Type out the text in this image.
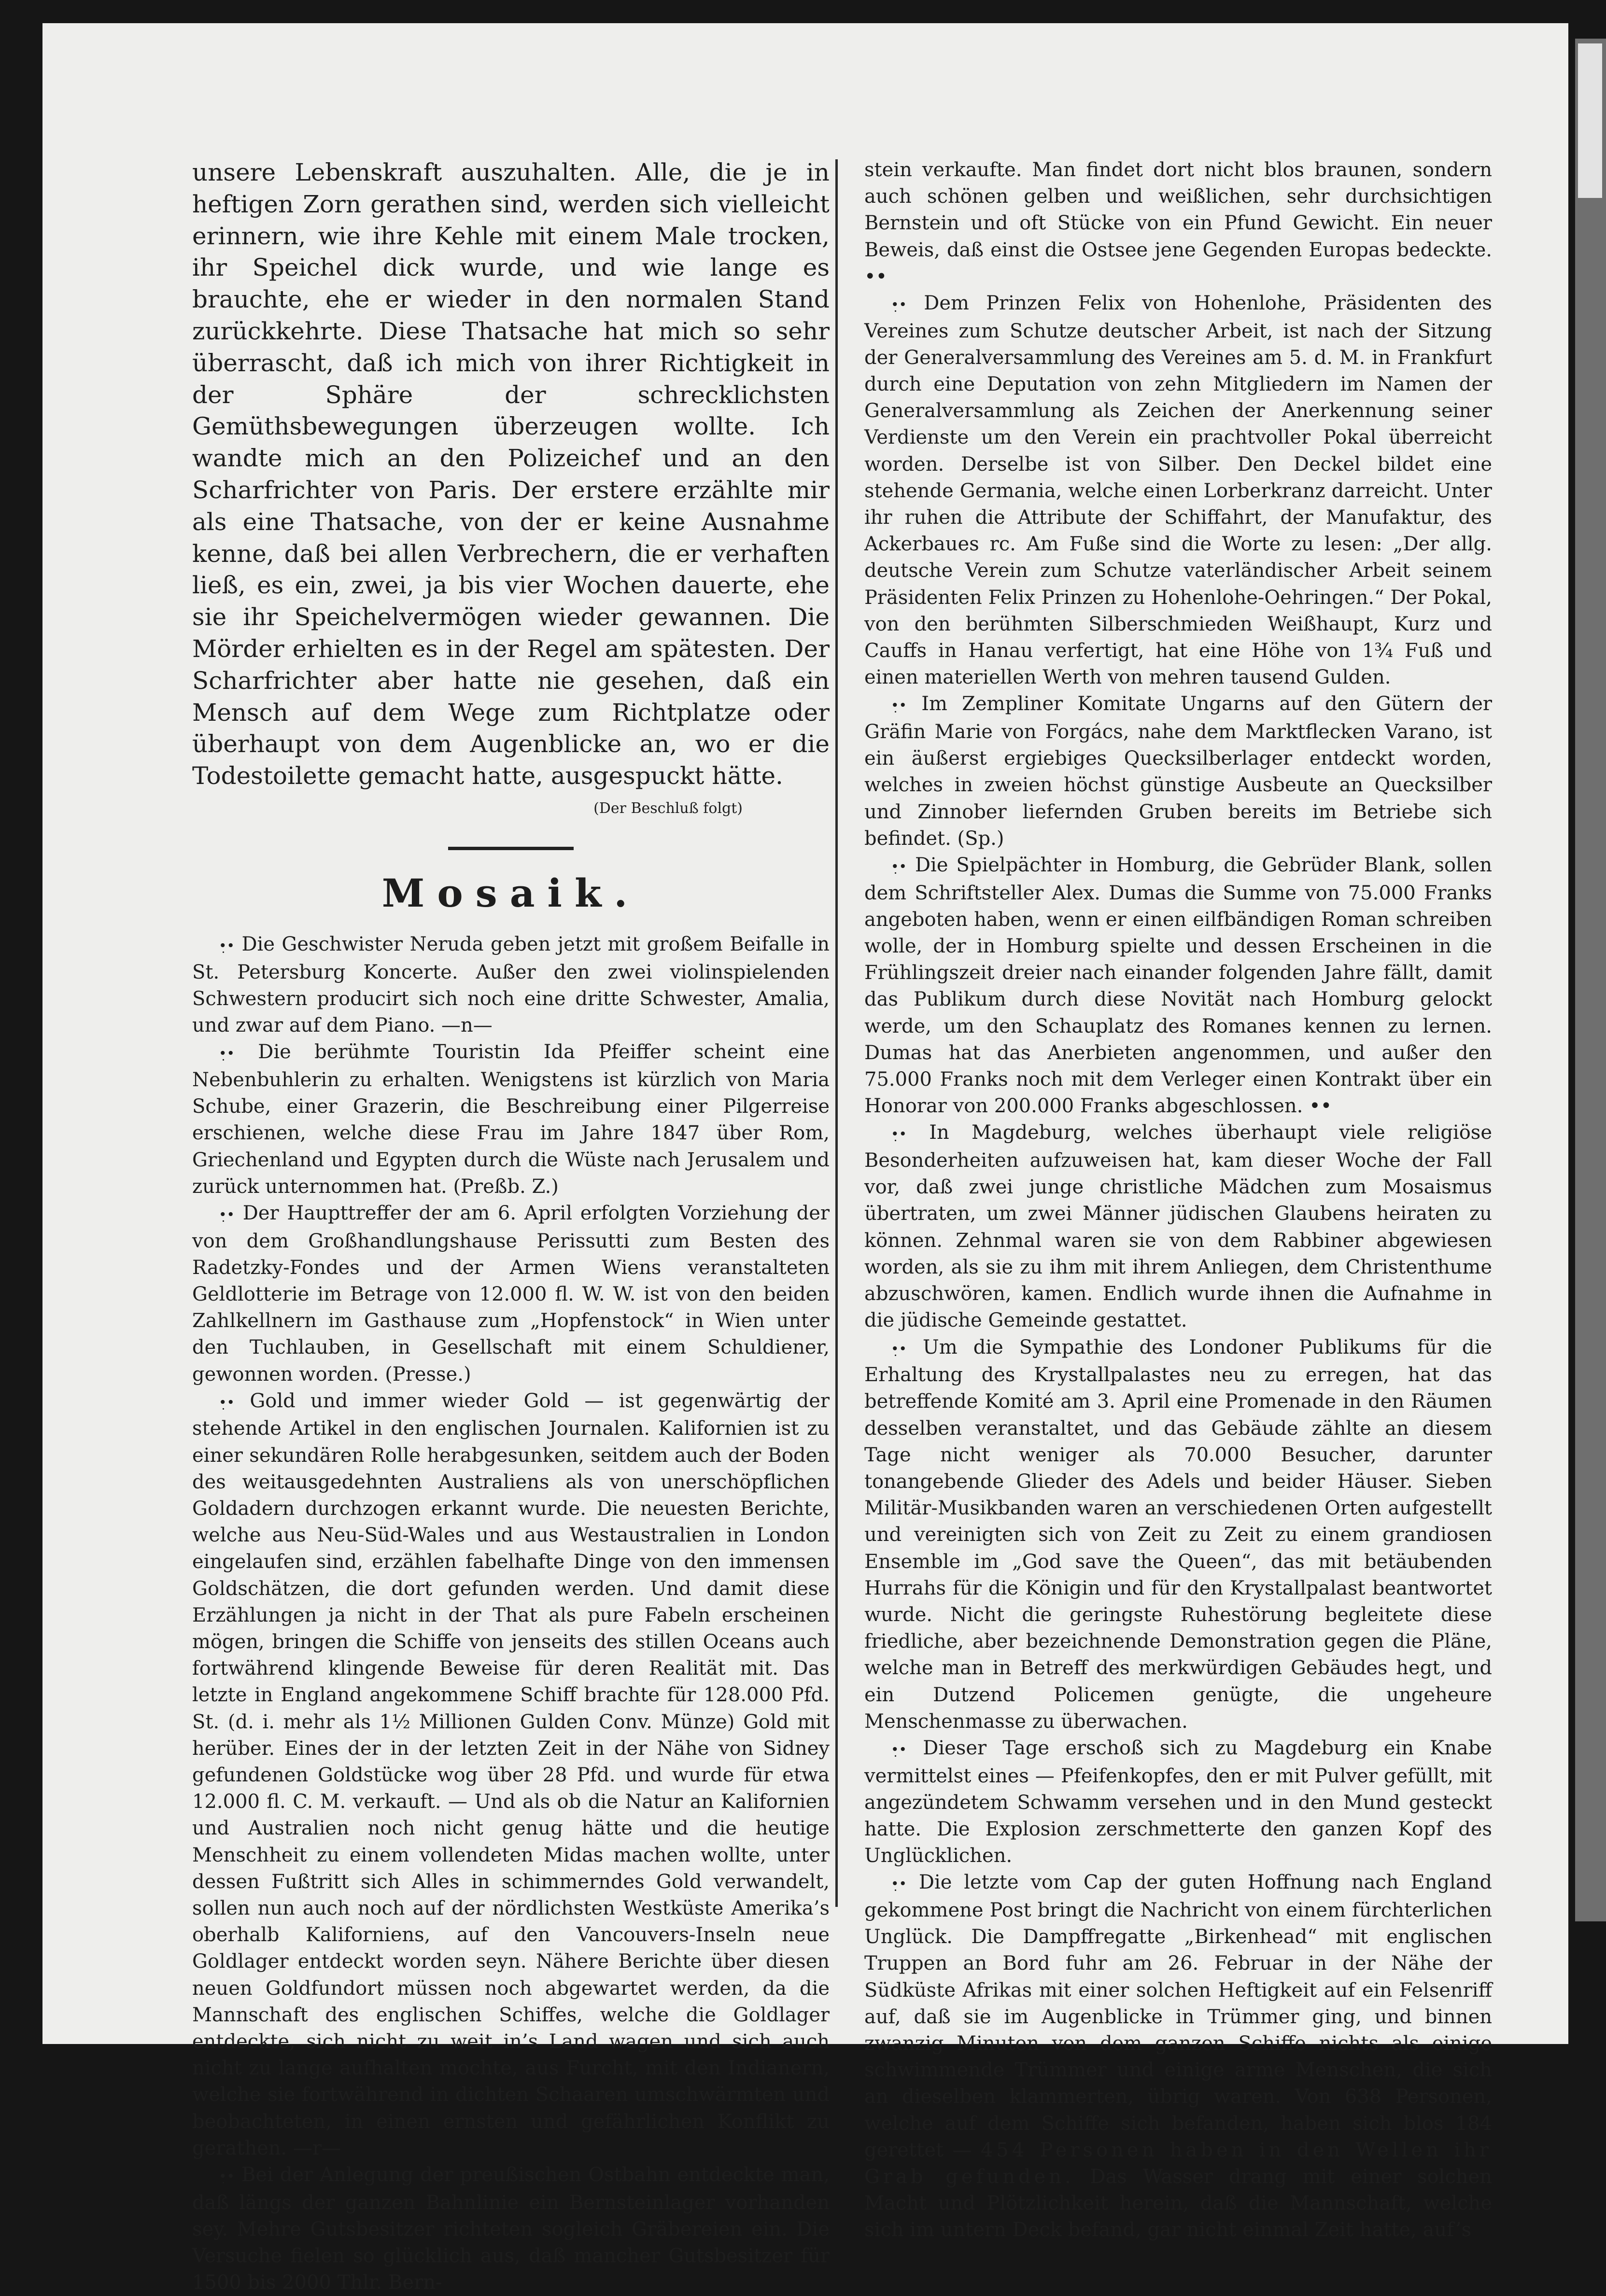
unsere Lebenskraft auszuhalten. Alle, die je in heftigen Zorn gerathen sind, werden sich vielleicht erinnern, wie ihre Kehle mit einem Male trocken, ihr Speichel dick wurde, und wie lange es brauchte, ehe er wieder in den normalen Stand zurückkehrte. Diese Thatsache hat mich so sehr überrascht, daß ich mich von ihrer Richtigkeit in der Sphäre der schrecklichsten Gemüthsbewegungen überzeugen wollte. Ich wandte mich an den Polizeichef und an den Scharfrichter von Paris. Der erstere erzählte mir als eine Thatsache, von der er keine Ausnahme kenne, daß bei allen Verbrechern, die er verhaften ließ, es ein, zwei, ja bis vier Wochen dauerte, ehe sie ihr Speichelvermögen wieder gewannen. Die Mörder erhielten es in der Regel am spätesten. Der Scharfrichter aber hatte nie gesehen, daß ein Mensch auf dem Wege zum Richtplatze oder überhaupt von dem Augenblicke an, wo er die Todestoilette gemacht hatte, ausgespuckt hätte.

(Der Beschluß folgt)
Mosaik.

•̣• Die Geschwister Neruda geben jetzt mit großem Beifalle in St. Petersburg Koncerte. Außer den zwei violinspielenden Schwestern producirt sich noch eine dritte Schwester, Amalia, und zwar auf dem Piano. —n—

•̣• Die berühmte Touristin Ida Pfeiffer scheint eine Nebenbuhlerin zu erhalten. Wenigstens ist kürzlich von Maria Schube, einer Grazerin, die Beschreibung einer Pilgerreise erschienen, welche diese Frau im Jahre 1847 über Rom, Griechenland und Egypten durch die Wüste nach Jerusalem und zurück unternommen hat. (Preßb. Z.)

•̣• Der Haupttreffer der am 6. April erfolgten Vorziehung der von dem Großhandlungshause Perissutti zum Besten des Radetzky-Fondes und der Armen Wiens veranstalteten Geldlotterie im Betrage von 12.000 fl. W. W. ist von den beiden Zahlkellnern im Gasthause zum „Hopfenstock“ in Wien unter den Tuchlauben, in Gesellschaft mit einem Schuldiener, gewonnen worden. (Presse.)

•̣• Gold und immer wieder Gold — ist gegenwärtig der stehende Artikel in den englischen Journalen. Kalifornien ist zu einer sekundären Rolle herabgesunken, seitdem auch der Boden des weitausgedehnten Australiens als von unerschöpflichen Goldadern durchzogen erkannt wurde. Die neuesten Berichte, welche aus Neu-Süd-Wales und aus Westaustralien in London eingelaufen sind, erzählen fabelhafte Dinge von den immensen Goldschätzen, die dort gefunden werden. Und damit diese Erzählungen ja nicht in der That als pure Fabeln erscheinen mögen, bringen die Schiffe von jenseits des stillen Oceans auch fortwährend klingende Beweise für deren Realität mit. Das letzte in England angekommene Schiff brachte für 128.000 Pfd. St. (d. i. mehr als 1½ Millionen Gulden Conv. Münze) Gold mit herüber. Eines der in der letzten Zeit in der Nähe von Sidney gefundenen Goldstücke wog über 28 Pfd. und wurde für etwa 12.000 fl. C. M. verkauft. — Und als ob die Natur an Kalifornien und Australien noch nicht genug hätte und die heutige Menschheit zu einem vollendeten Midas machen wollte, unter dessen Fußtritt sich Alles in schimmerndes Gold verwandelt, sollen nun auch noch auf der nördlichsten Westküste Amerika’s oberhalb Kaliforniens, auf den Vancouvers-Inseln neue Goldlager entdeckt worden seyn. Nähere Berichte über diesen neuen Goldfundort müssen noch abgewartet werden, da die Mannschaft des englischen Schiffes, welche die Goldlager entdeckte, sich nicht zu weit in’s Land wagen und sich auch nicht zu lange aufhalten mochte, aus Furcht, mit den Indianern, welche sie fortwährend in dichten Schaaren umschwärmten und beobachteten, in einen ernsten und gefährlichen Konflikt zu gerathen. —r—

•̣• Bei der Anlegung der preußischen Ostbahn entdeckte man, daß längs der ganzen Bahnlinie ein Bernsteinlager vorhanden sey. Mehre Gutsbesitzer richteten sogleich Gräbereien ein. Die Versuche fielen so glücklich aus, daß mancher Gutsbesitzer für 1500 bis 2000 Thlr. Bern-

stein verkaufte. Man findet dort nicht blos braunen, sondern auch schönen gelben und weißlichen, sehr durchsichtigen Bernstein und oft Stücke von ein Pfund Gewicht. Ein neuer Beweis, daß einst die Ostsee jene Gegenden Europas bedeckte. ••

•̣• Dem Prinzen Felix von Hohenlohe, Präsidenten des Vereines zum Schutze deutscher Arbeit, ist nach der Sitzung der Generalversammlung des Vereines am 5. d. M. in Frankfurt durch eine Deputation von zehn Mitgliedern im Namen der Generalversammlung als Zeichen der Anerkennung seiner Verdienste um den Verein ein prachtvoller Pokal überreicht worden. Derselbe ist von Silber. Den Deckel bildet eine stehende Germania, welche einen Lorberkranz darreicht. Unter ihr ruhen die Attribute der Schiffahrt, der Manufaktur, des Ackerbaues rc. Am Fuße sind die Worte zu lesen: „Der allg. deutsche Verein zum Schutze vaterländischer Arbeit seinem Präsidenten Felix Prinzen zu Hohenlohe-Oehringen.“ Der Pokal, von den berühmten Silberschmieden Weißhaupt, Kurz und Cauffs in Hanau verfertigt, hat eine Höhe von 1¾ Fuß und einen materiellen Werth von mehren tausend Gulden.

•̣• Im Zempliner Komitate Ungarns auf den Gütern der Gräfin Marie von Forgács, nahe dem Marktflecken Varano, ist ein äußerst ergiebiges Quecksilberlager entdeckt worden, welches in zweien höchst günstige Ausbeute an Quecksilber und Zinnober liefernden Gruben bereits im Betriebe sich befindet. (Sp.)

•̣• Die Spielpächter in Homburg, die Gebrüder Blank, sollen dem Schriftsteller Alex. Dumas die Summe von 75.000 Franks angeboten haben, wenn er einen eilfbändigen Roman schreiben wolle, der in Homburg spielte und dessen Erscheinen in die Frühlingszeit dreier nach einander folgenden Jahre fällt, damit das Publikum durch diese Novität nach Homburg gelockt werde, um den Schauplatz des Romanes kennen zu lernen. Dumas hat das Anerbieten angenommen, und außer den 75.000 Franks noch mit dem Verleger einen Kontrakt über ein Honorar von 200.000 Franks abgeschlossen. ••

•̣• In Magdeburg, welches überhaupt viele religiöse Besonderheiten aufzuweisen hat, kam dieser Woche der Fall vor, daß zwei junge christliche Mädchen zum Mosaismus übertraten, um zwei Männer jüdischen Glaubens heiraten zu können. Zehnmal waren sie von dem Rabbiner abgewiesen worden, als sie zu ihm mit ihrem Anliegen, dem Christenthume abzuschwören, kamen. Endlich wurde ihnen die Aufnahme in die jüdische Gemeinde gestattet.

•̣• Um die Sympathie des Londoner Publikums für die Erhaltung des Krystallpalastes neu zu erregen, hat das betreffende Komité am 3. April eine Promenade in den Räumen desselben veranstaltet, und das Gebäude zählte an diesem Tage nicht weniger als 70.000 Besucher, darunter tonangebende Glieder des Adels und beider Häuser. Sieben Militär-Musikbanden waren an verschiedenen Orten aufgestellt und vereinigten sich von Zeit zu Zeit zu einem grandiosen Ensemble im „God save the Queen“, das mit betäubenden Hurrahs für die Königin und für den Krystallpalast beantwortet wurde. Nicht die geringste Ruhestörung begleitete diese friedliche, aber bezeichnende Demonstration gegen die Pläne, welche man in Betreff des merkwürdigen Gebäudes hegt, und ein Dutzend Policemen genügte, die ungeheure Menschenmasse zu überwachen.

•̣• Dieser Tage erschoß sich zu Magdeburg ein Knabe vermittelst eines — Pfeifenkopfes, den er mit Pulver gefüllt, mit angezündetem Schwamm versehen und in den Mund gesteckt hatte. Die Explosion zerschmetterte den ganzen Kopf des Unglücklichen.

•̣• Die letzte vom Cap der guten Hoffnung nach England gekommene Post bringt die Nachricht von einem fürchterlichen Unglück. Die Dampffregatte „Birkenhead“ mit englischen Truppen an Bord fuhr am 26. Februar in der Nähe der Südküste Afrikas mit einer solchen Heftigkeit auf ein Felsenriff auf, daß sie im Augenblicke in Trümmer ging, und binnen zwanzig Minuten von dem ganzen Schiffe nichts als einige schwimmende Trümmer und einige arme Menschen, die sich an dieselben klammerten, übrig waren. Von 638 Personen, welche auf dem Schiffe sich befanden, haben sich blos 184 gerettet — 454 Personen haben in den Wellen ihr Grab gefunden. Das Wasser drang mit einer solchen Macht und Plötzlichkeit herein, daß die Mannschaft, welche sich im untern Deck befand, gar nicht einmal Zeit hatte, auf’s
